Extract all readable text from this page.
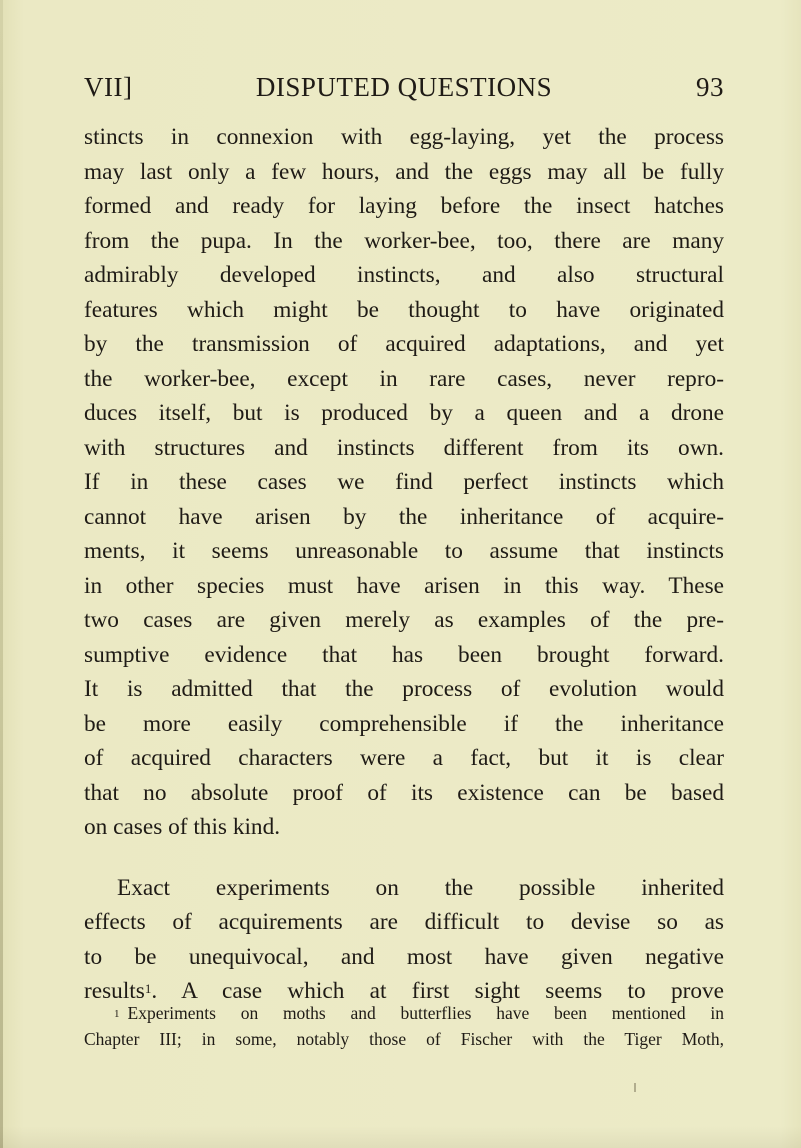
VII]	DISPUTED QUESTIONS	93
stincts in connexion with egg-laying, yet the process
may last only a few hours, and the eggs may all be fully
formed and ready for laying before the insect hatches
from the pupa. In the worker-bee, too, there are many
admirably developed instincts, and also structural
features which might be thought to have originated
by the transmission of acquired adaptations, and yet
the worker-bee, except in rare cases, never repro-
duces itself, but is produced by a queen and a drone
with structures and instincts different from its own.
If in these cases we find perfect instincts which
cannot have arisen by the inheritance of acquire-
ments, it seems unreasonable to assume that instincts
in other species must have arisen in this way. These
two cases are given merely as examples of the pre-
sumptive evidence that has been brought forward.
It is admitted that the process of evolution would
be more easily comprehensible if the inheritance
of acquired characters were a fact, but it is clear
that no absolute proof of its existence can be based
on cases of this kind.
Exact experiments on the possible inherited
effects of acquirements are difficult to devise so as
to be unequivocal, and most have given negative
results$^1$. A case which at first sight seems to prove
$^1$ Experiments on moths and butterflies have been mentioned in
Chapter III; in some, notably those of Fischer with the Tiger Moth,
